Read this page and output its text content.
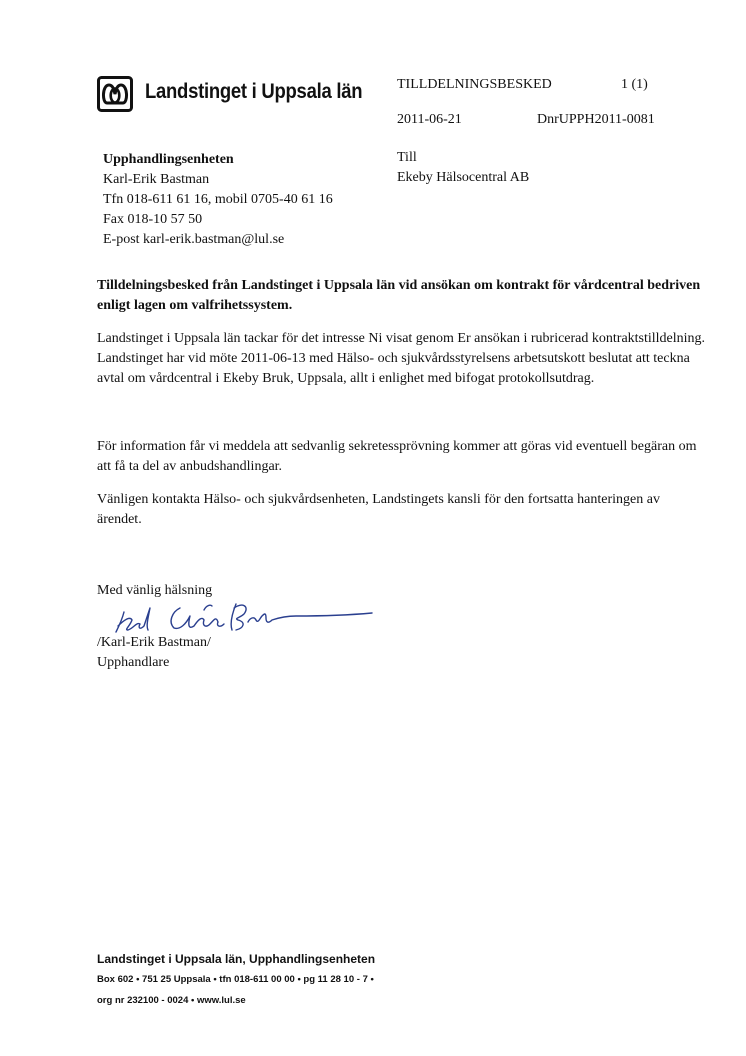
Landstinget i Uppsala län TILLDELNINGSBESKED	1 (1)
2011-06-21	DnrUPPH2011-0081
Upphandlingsenheten
Karl-Erik Bastman
Tfn 018-611 61 16, mobil 0705-40 61 16
Fax 018-10 57 50
E-post karl-erik.bastman@lul.se
Till
Ekeby Hälsocentral AB
Tilldelningsbesked från Landstinget i Uppsala län vid ansökan om kontrakt för vårdcentral bedriven enligt lagen om valfrihetssystem.
Landstinget i Uppsala län tackar för det intresse Ni visat genom Er ansökan i rubricerad kontraktstilldelning. Landstinget har vid möte 2011-06-13 med Hälso- och sjukvårdsstyrelsens arbetsutskott beslutat att teckna avtal om vårdcentral i Ekeby Bruk, Uppsala, allt i enlighet med bifogat protokollsutdrag.
För information får vi meddela att sedvanlig sekretessprövning kommer att göras vid eventuell begäran om att få ta del av anbudshandlingar.
Vänligen kontakta Hälso- och sjukvårdsenheten, Landstingets kansli för den fortsatta hanteringen av ärendet.
Med vänlig hälsning
/Karl-Erik Bastman/
Upphandlare
Landstinget i Uppsala län, Upphandlingsenheten
Box 602 • 751 25 Uppsala • tfn 018-611 00 00 • pg 11 28 10 - 7 •
org nr 232100 - 0024 • www.lul.se
